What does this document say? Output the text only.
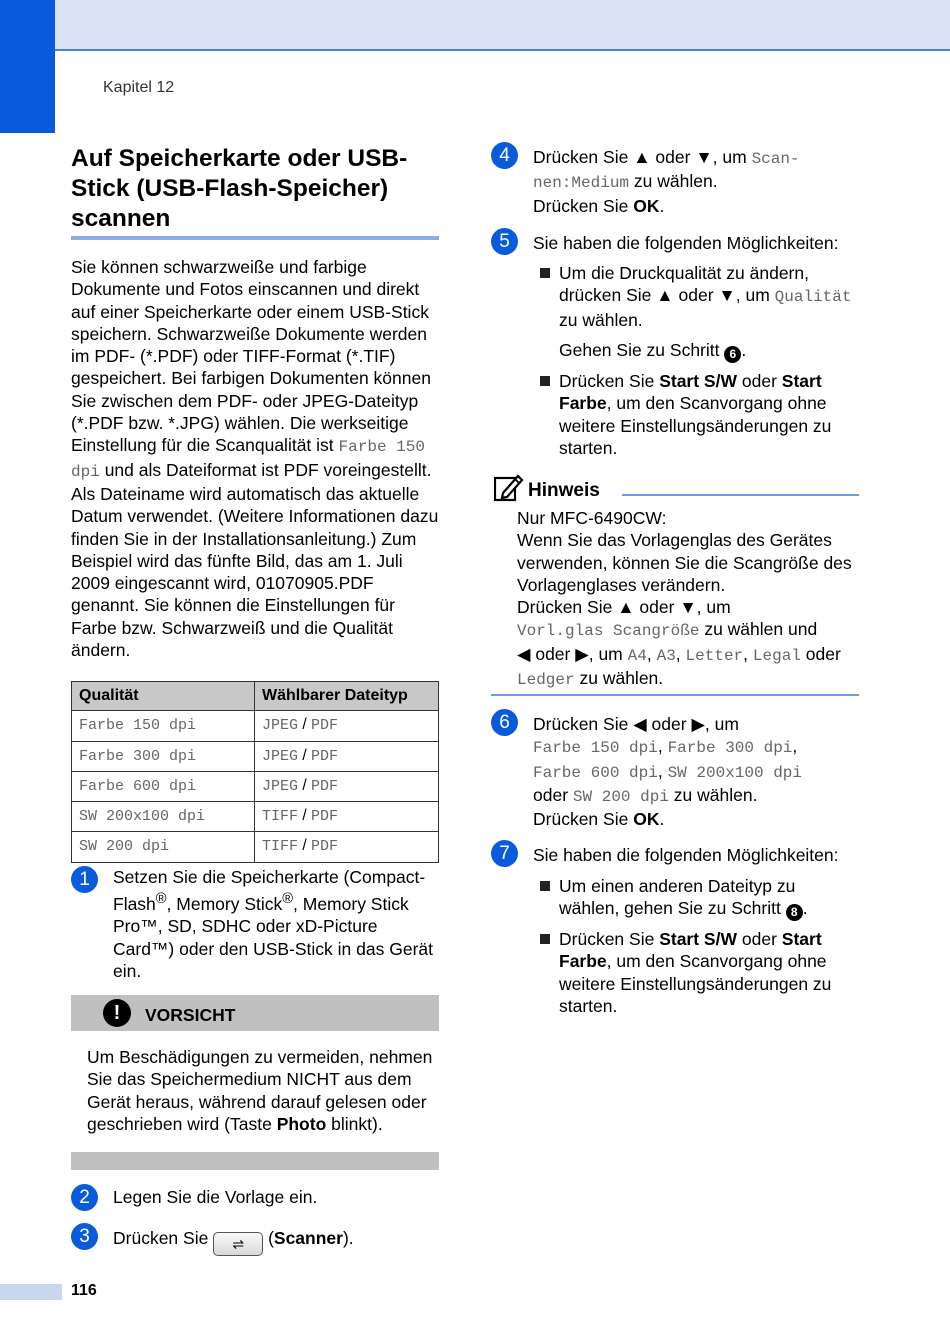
Kapitel 12
Auf Speicherkarte oder USB-Stick (USB-Flash-Speicher) scannen
Sie können schwarzweiße und farbige Dokumente und Fotos einscannen und direkt auf einer Speicherkarte oder einem USB-Stick speichern. Schwarzweiße Dokumente werden im PDF- (*.PDF) oder TIFF-Format (*.TIF) gespeichert. Bei farbigen Dokumenten können Sie zwischen dem PDF- oder JPEG-Dateityp (*.PDF bzw. *.JPG) wählen. Die werkseitige Einstellung für die Scanqualität ist Farbe 150 dpi und als Dateiformat ist PDF voreingestellt. Als Dateiname wird automatisch das aktuelle Datum verwendet. (Weitere Informationen dazu finden Sie in der Installationsanleitung.) Zum Beispiel wird das fünfte Bild, das am 1. Juli 2009 eingescannt wird, 01070905.PDF genannt. Sie können die Einstellungen für Farbe bzw. Schwarzweiß und die Qualität ändern.
Qualität	Wählbarer Dateityp
Farbe 150 dpi	JPEG / PDF
Farbe 300 dpi	JPEG / PDF
Farbe 600 dpi	JPEG / PDF
SW 200x100 dpi	TIFF / PDF
SW 200 dpi	TIFF / PDF
1	Setzen Sie die Speicherkarte (Compact-
Flash®, Memory Stick®, Memory Stick Pro™, SD, SDHC oder xD-Picture Card™) oder den USB-Stick in das Gerät ein.
!	VORSICHT
Um Beschädigungen zu vermeiden, nehmen Sie das Speichermedium NICHT aus dem Gerät heraus, während darauf gelesen oder geschrieben wird (Taste Photo blinkt).
2	Legen Sie die Vorlage ein.
3	Drücken Sie ⇌ (Scanner).
4	Drücken Sie ▲ oder ▼, um Scan-nen:Medium zu wählen.
Drücken Sie OK.
5	Sie haben die folgenden Möglichkeiten:
Um die Druckqualität zu ändern, drücken Sie ▲ oder ▼, um Qualität zu wählen.
Gehen Sie zu Schritt 6 .
Drücken Sie Start S/W oder Start Farbe, um den Scanvorgang ohne weitere Einstellungsänderungen zu starten.
Hinweis
Nur MFC-6490CW:
Wenn Sie das Vorlagenglas des Gerätes verwenden, können Sie die Scangröße des Vorlagenglases verändern.
Drücken Sie ▲ oder ▼, um
Vorl.glas Scangröße zu wählen und
◀ oder ▶, um A4, A3, Letter, Legal oder
Ledger zu wählen.
6	Drücken Sie ◀ oder ▶, um
Farbe 150 dpi, Farbe 300 dpi,
Farbe 600 dpi, SW 200x100 dpi
oder SW 200 dpi zu wählen.
Drücken Sie OK.
7	Sie haben die folgenden Möglichkeiten:
Um einen anderen Dateityp zu wählen, gehen Sie zu Schritt 8 .
Drücken Sie Start S/W oder Start Farbe, um den Scanvorgang ohne weitere Einstellungsänderungen zu starten.
116
